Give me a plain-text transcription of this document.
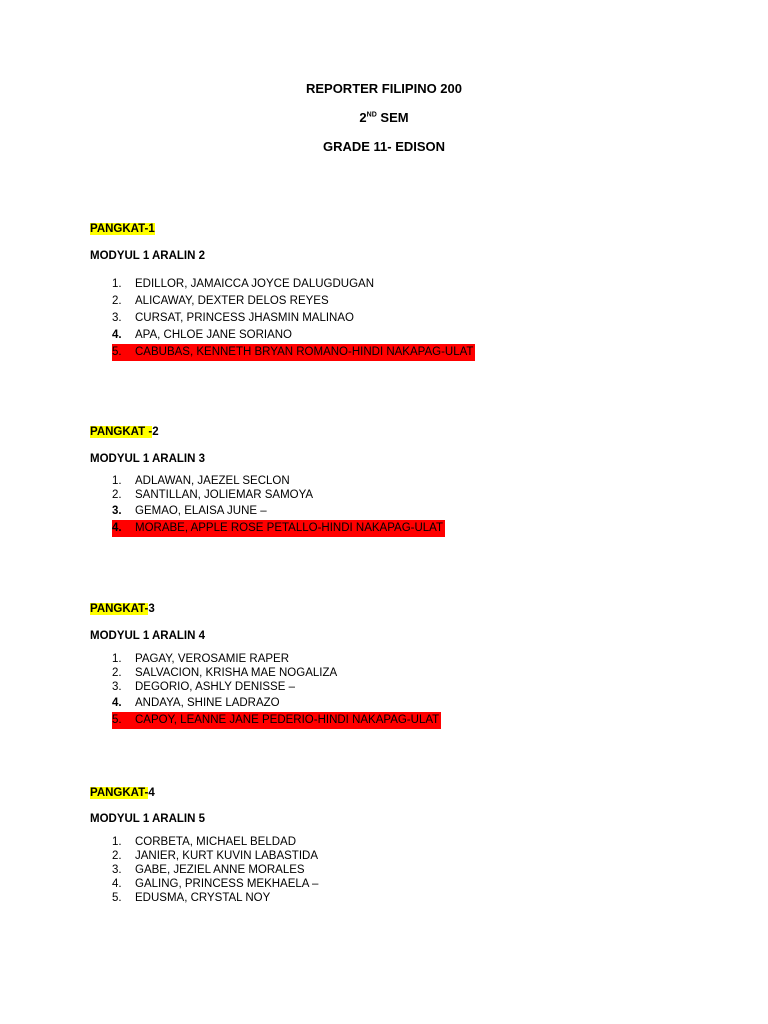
REPORTER FILIPINO 200
2ND SEM
GRADE 11- EDISON
PANGKAT-1
MODYUL 1 ARALIN 2
1. EDILLOR, JAMAICCA JOYCE DALUGDUGAN
2. ALICAWAY, DEXTER DELOS REYES
3. CURSAT, PRINCESS JHASMIN MALINAO
4. APA, CHLOE JANE SORIANO
5. CABUBAS, KENNETH BRYAN ROMANO-HINDI NAKAPAG-ULAT
PANGKAT -2
MODYUL 1 ARALIN 3
1. ADLAWAN, JAEZEL SECLON
2. SANTILLAN, JOLIEMAR SAMOYA
3. GEMAO, ELAISA JUNE –
4. MORABE, APPLE ROSE PETALLO-HINDI NAKAPAG-ULAT
PANGKAT-3
MODYUL 1 ARALIN 4
1. PAGAY, VEROSAMIE RAPER
2. SALVACION, KRISHA MAE NOGALIZA
3. DEGORIO, ASHLY DENISSE –
4. ANDAYA, SHINE LADRAZO
5. CAPOY, LEANNE JANE PEDERIO-HINDI NAKAPAG-ULAT
PANGKAT-4
MODYUL 1 ARALIN 5
1. CORBETA, MICHAEL BELDAD
2. JANIER, KURT KUVIN LABASTIDA
3. GABE, JEZIEL ANNE MORALES
4. GALING, PRINCESS MEKHAELA –
5. EDUSMA, CRYSTAL NOY
